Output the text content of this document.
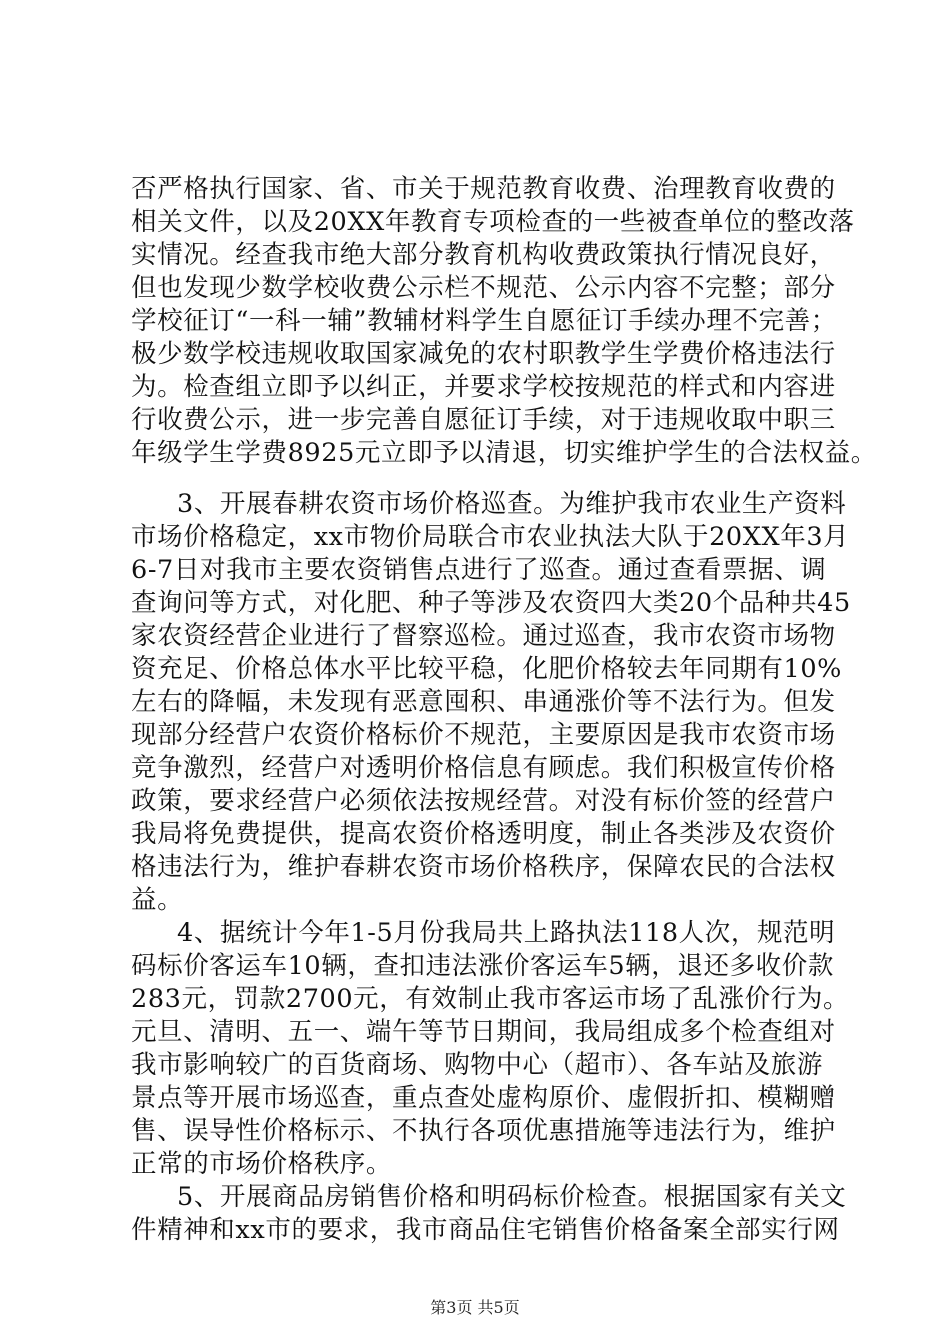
否严格执行国家、省、市关于规范教育收费、治理教育收费的
相关文件，以及20XX年教育专项检查的一些被查单位的整改落
实情况。经查我市绝大部分教育机构收费政策执行情况良好，
但也发现少数学校收费公示栏不规范、公示内容不完整；部分
学校征订“一科一辅”教辅材料学生自愿征订手续办理不完善；
极少数学校违规收取国家减免的农村职教学生学费价格违法行
为。检查组立即予以纠正，并要求学校按规范的样式和内容进
行收费公示，进一步完善自愿征订手续，对于违规收取中职三
年级学生学费8925元立即予以清退，切实维护学生的合法权益。
3、开展春耕农资市场价格巡查。为维护我市农业生产资料
市场价格稳定，xx市物价局联合市农业执法大队于20XX年3月
6-7日对我市主要农资销售点进行了巡查。通过查看票据、调
查询问等方式，对化肥、种子等涉及农资四大类20个品种共45
家农资经营企业进行了督察巡检。通过巡查，我市农资市场物
资充足、价格总体水平比较平稳，化肥价格较去年同期有10%
左右的降幅，未发现有恶意囤积、串通涨价等不法行为。但发
现部分经营户农资价格标价不规范，主要原因是我市农资市场
竞争激烈，经营户对透明价格信息有顾虑。我们积极宣传价格
政策，要求经营户必须依法按规经营。对没有标价签的经营户
我局将免费提供，提高农资价格透明度，制止各类涉及农资价
格违法行为，维护春耕农资市场价格秩序，保障农民的合法权
益。
4、据统计今年1-5月份我局共上路执法118人次，规范明
码标价客运车10辆，查扣违法涨价客运车5辆，退还多收价款
283元，罚款2700元，有效制止我市客运市场了乱涨价行为。
元旦、清明、五一、端午等节日期间，我局组成多个检查组对
我市影响较广的百货商场、购物中心（超市）、各车站及旅游
景点等开展市场巡查，重点查处虚构原价、虚假折扣、模糊赠
售、误导性价格标示、不执行各项优惠措施等违法行为，维护
正常的市场价格秩序。
5、开展商品房销售价格和明码标价检查。根据国家有关文
件精神和xx市的要求，我市商品住宅销售价格备案全部实行网
第3页 共5页
